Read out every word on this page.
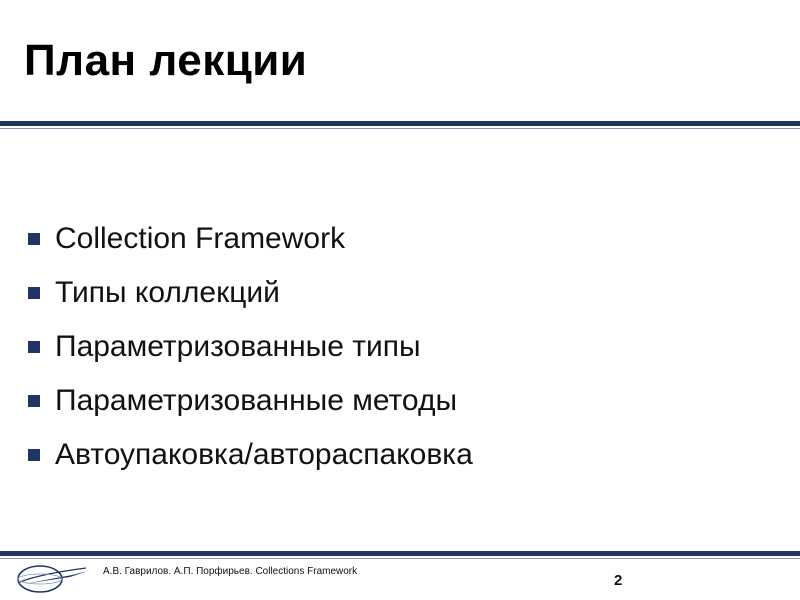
План лекции
Collection Framework
Типы коллекций
Параметризованные типы
Параметризованные методы
Автоупаковка/автораспаковка
А.В. Гаврилов. А.П. Порфирьев. Collections Framework
2
